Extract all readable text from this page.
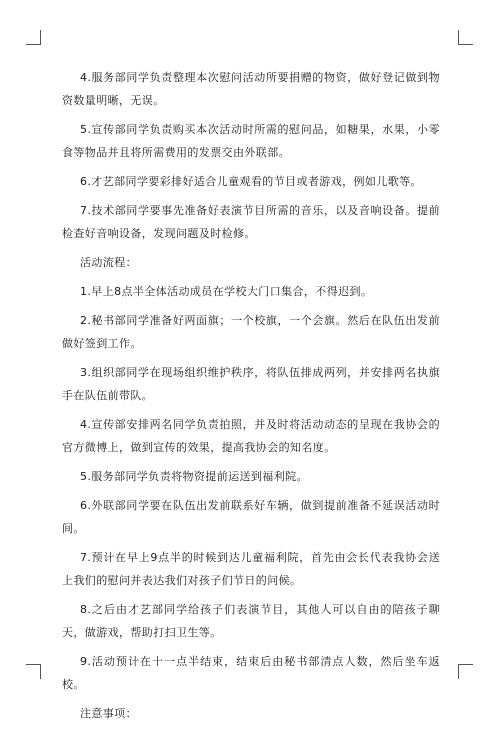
4.服务部同学负责整理本次慰问活动所要捐赠的物资，做好登记做到物资数量明晰，无误。

5.宣传部同学负责购买本次活动时所需的慰问品，如糖果，水果，小零食等物品并且将所需费用的发票交由外联部。

6.才艺部同学要彩排好适合儿童观看的节目或者游戏，例如儿歌等。

7.技术部同学要事先准备好表演节目所需的音乐，以及音响设备。提前检查好音响设备，发现问题及时检修。

活动流程：

1.早上8点半全体活动成员在学校大门口集合，不得迟到。

2.秘书部同学准备好两面旗；一个校旗，一个会旗。然后在队伍出发前做好签到工作。

3.组织部同学在现场组织维护秩序，将队伍排成两列，并安排两名执旗手在队伍前带队。

4.宣传部安排两名同学负责拍照，并及时将活动动态的呈现在我协会的官方微博上，做到宣传的效果，提高我协会的知名度。

5.服务部同学负责将物资提前运送到福利院。

6.外联部同学要在队伍出发前联系好车辆，做到提前准备不延误活动时间。

7.预计在早上9点半的时候到达儿童福利院，首先由会长代表我协会送上我们的慰问并表达我们对孩子们节日的问候。

8.之后由才艺部同学给孩子们表演节目，其他人可以自由的陪孩子聊天，做游戏，帮助打扫卫生等。

9.活动预计在十一点半结束，结束后由秘书部清点人数，然后坐车返校。

注意事项：
